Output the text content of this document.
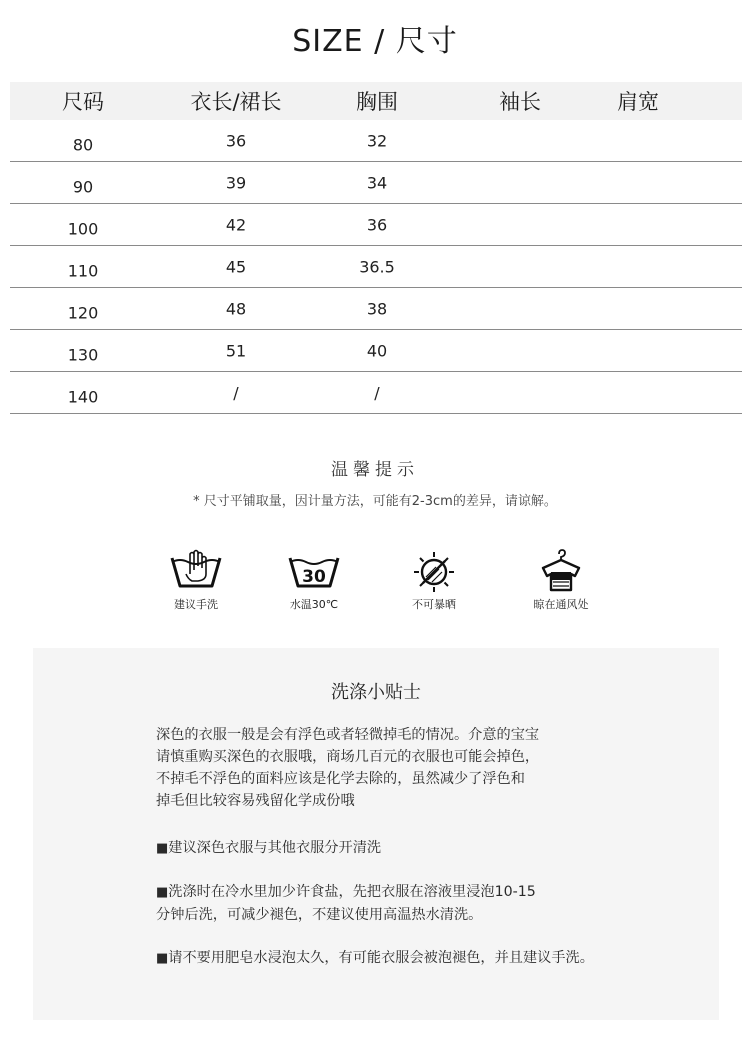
SIZE / 尺寸
尺码	衣长/裙长	胸围	袖长	肩宽
80	36	32
90	39	34
100	42	36
110	45	36.5
120	48	38
130	51	40
140	/	/
温馨提示
* 尺寸平铺取量，因计量方法，可能有2-3cm的差异，请谅解。
建议手洗
30
水温30℃	不可暴晒	晾在通风处
洗涤小贴士

深色的衣服一般是会有浮色或者轻微掉毛的情况。介意的宝宝
请慎重购买深色的衣服哦，商场几百元的衣服也可能会掉色，
不掉毛不浮色的面料应该是化学去除的，虽然减少了浮色和
掉毛但比较容易残留化学成份哦

■建议深色衣服与其他衣服分开清洗

■洗涤时在冷水里加少许食盐，先把衣服在溶液里浸泡10-15
分钟后洗，可减少褪色，不建议使用高温热水清洗。

■请不要用肥皂水浸泡太久，有可能衣服会被泡褪色，并且建议手洗。
